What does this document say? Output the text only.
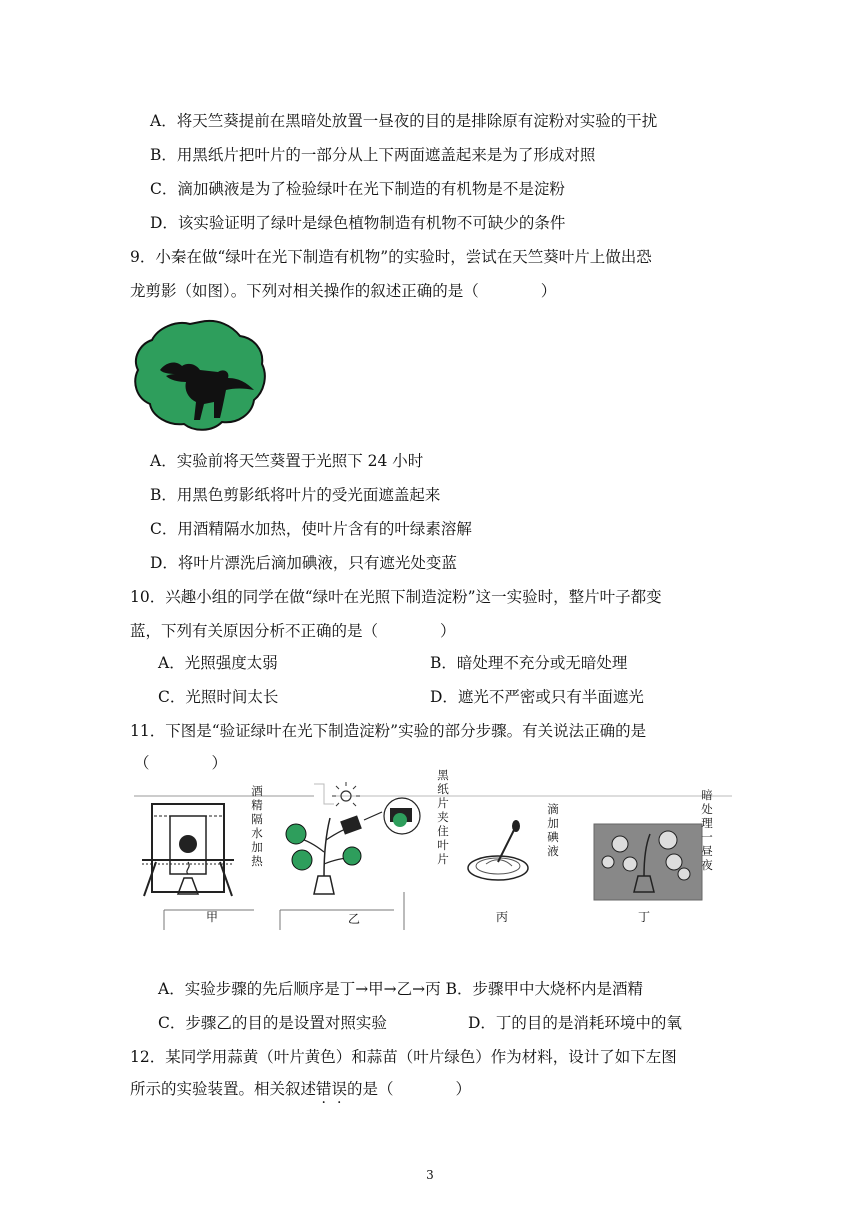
A．将天竺葵提前在黑暗处放置一昼夜的目的是排除原有淀粉对实验的干扰
B．用黑纸片把叶片的一部分从上下两面遮盖起来是为了形成对照
C．滴加碘液是为了检验绿叶在光下制造的有机物是不是淀粉
D．该实验证明了绿叶是绿色植物制造有机物不可缺少的条件
9．小秦在做“绿叶在光下制造有机物”的实验时，尝试在天竺葵叶片上做出恐
龙剪影（如图）。下列对相关操作的叙述正确的是（　　　　）
A．实验前将天竺葵置于光照下 24 小时
B．用黑色剪影纸将叶片的受光面遮盖起来
C．用酒精隔水加热，使叶片含有的叶绿素溶解
D．将叶片漂洗后滴加碘液，只有遮光处变蓝
10．兴趣小组的同学在做“绿叶在光照下制造淀粉”这一实验时，整片叶子都变
蓝，下列有关原因分析不正确的是（　　　　）
A．光照强度太弱	B．暗处理不充分或无暗处理
C．光照时间太长	D．遮光不严密或只有半面遮光
11．下图是“验证绿叶在光下制造淀粉”实验的部分步骤。有关说法正确的是
（　　　　）
酒精隔水加热
黑纸片夹住叶片
滴加碘液
暗处理一昼夜
甲	乙	丙	丁
A．实验步骤的先后顺序是丁→甲→乙→丙 B．步骤甲中大烧杯内是酒精
C．步骤乙的目的是设置对照实验	D．丁的目的是消耗环境中的氧
12．某同学用蒜黄（叶片黄色）和蒜苗（叶片绿色）作为材料，设计了如下左图
所示的实验装置。相关叙述错误的是（　　　　）
3
